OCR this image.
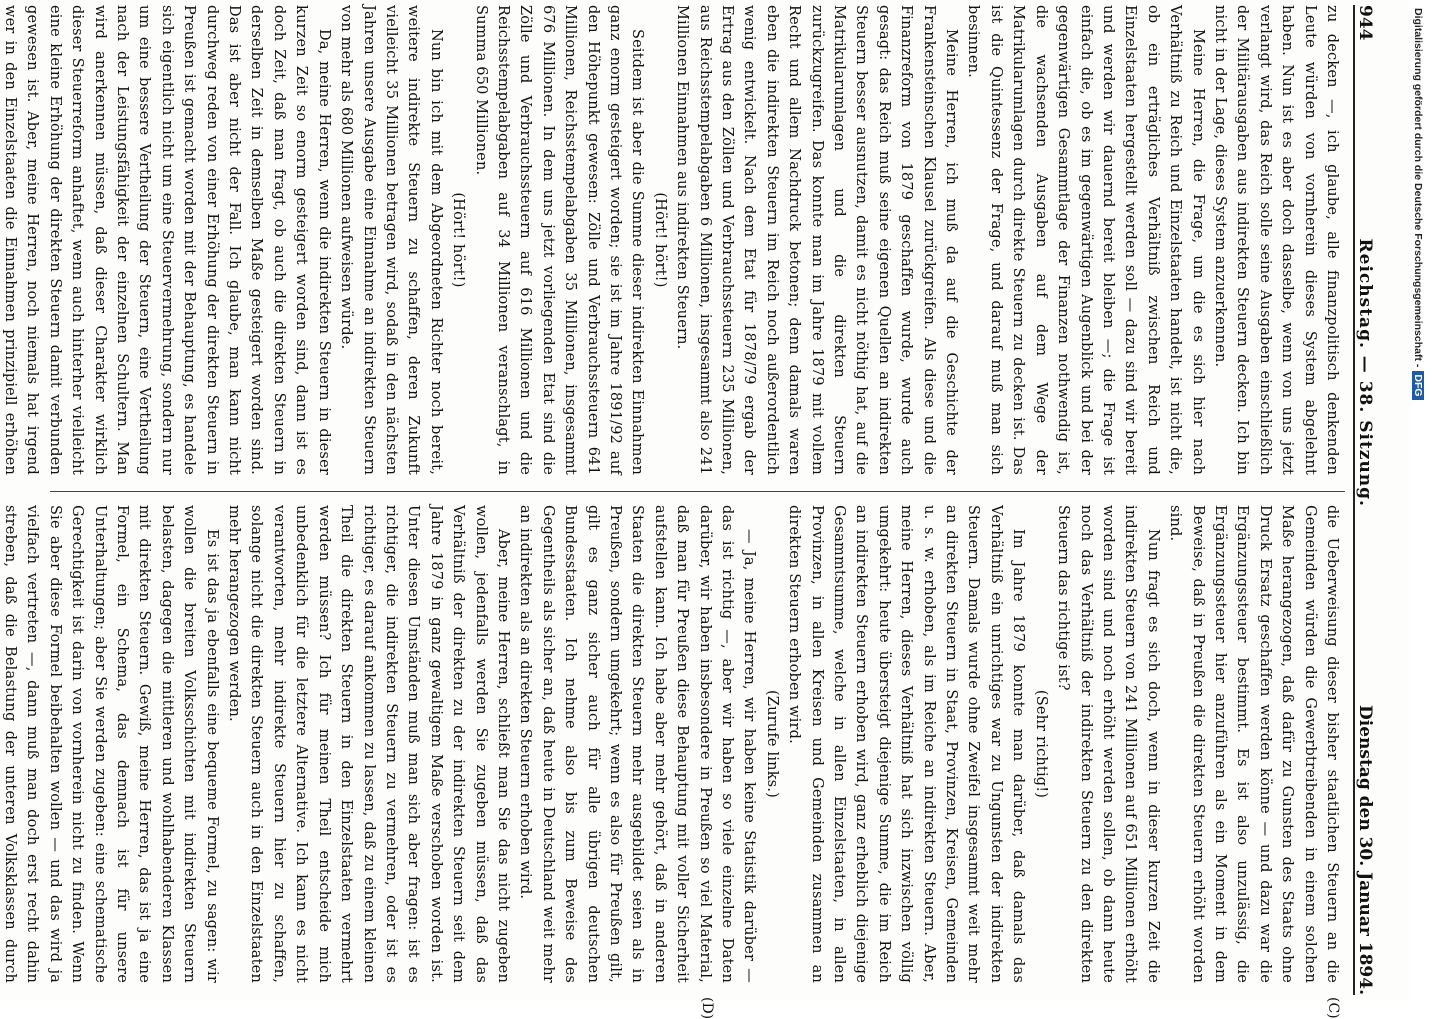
944
Reichstag. — 38. Sitzung.
Dienstag den 30. Januar 1894.

zu decken —, ich glaube, alle finanzpolitisch denkenden Leute würden von vornherein dieses System abgelehnt haben. Nun ist es aber doch dasselbe, wenn von uns jetzt verlangt wird, das Reich solle seine Ausgaben einschließlich der Militärausgaben aus indirekten Steuern decken. Ich bin nicht in der Lage, dieses System anzuerkennen.

Meine Herren, die Frage, um die es sich hier nach Verhältniß zu Reich und Einzelstaaten handelt, ist nicht die, ob ein erträgliches Verhältniß zwischen Reich und Einzelstaaten hergestellt werden soll — dazu sind wir bereit und werden wir dauernd bereit bleiben —; die Frage ist einfach die, ob es im gegenwärtigen Augenblick und bei der gegenwärtigen Gesammtlage der Finanzen nothwendig ist, die wachsenden Ausgaben auf dem Wege der Matrikularumlagen durch direkte Steuern zu decken ist. Das ist die Quintessenz der Frage, und darauf muß man sich besinnen.

Meine Herren, ich muß da auf die Geschichte der Frankensteinschen Klausel zurückgreifen. Als diese und die Finanzreform von 1879 geschaffen wurde, wurde auch gesagt: das Reich muß seine eigenen Quellen an indirekten Steuern besser ausnutzen, damit es nicht nöthig hat, auf die Matrikularumlagen und die direkten Steuern zurückzugreifen. Das konnte man im Jahre 1879 mit vollem Recht und allem Nachdruck betonen; denn damals waren eben die indirekten Steuern im Reich noch außerordentlich wenig entwickelt. Nach dem Etat für 1878/79 ergab der Ertrag aus den Zöllen und Verbrauchssteuern 235 Millionen, aus Reichsstempelabgaben 6 Millionen, insgesammt also 241 Millionen Einnahmen aus indirekten Steuern.

(Hört! hört!)

Seitdem ist aber die Summe dieser indirekten Einnahmen ganz enorm gesteigert worden; sie ist im Jahre 1891/92 auf den Höhepunkt gewesen: Zölle und Verbrauchssteuern 641 Millionen, Reichsstempelabgaben 35 Millionen, insgesammt 676 Millionen. In dem uns jetzt vorliegenden Etat sind die Zölle und Verbrauchssteuern auf 616 Millionen und die Reichsstempelabgaben auf 34 Millionen veranschlagt, in Summa 650 Millionen.

(Hört! hört!)

Nun bin ich mit dem Abgeordneten Richter noch bereit, weitere indirekte Steuern zu schaffen, deren Zukunft vielleicht 35 Millionen betragen wird, sodaß in den nächsten Jahren unsere Ausgabe eine Einnahme an indirekten Steuern von mehr als 680 Millionen aufweisen würde.

Da, meine Herren, wenn die indirekten Steuern in dieser kurzen Zeit so enorm gesteigert worden sind, dann ist es doch Zeit, daß man fragt, ob auch die direkten Steuern in derselben Zeit in demselben Maße gesteigert worden sind. Das ist aber nicht der Fall. Ich glaube, man kann nicht durchweg reden von einer Erhöhung der direkten Steuern in Preußen ist gemacht worden mit der Behauptung, es handele sich eigentlich nicht um eine Steuervermehrung, sondern nur um eine bessere Vertheilung der Steuern, eine Vertheilung nach der Leistungsfähigkeit der einzelnen Schultern. Man wird anerkennen müssen, daß dieser Charakter wirklich dieser Steuerreform anhaftet, wenn auch hinterher vielleicht eine kleine Erhöhung der direkten Steuern damit verbunden gewesen ist. Aber, meine Herren, noch niemals hat irgend wer in den Einzelstaaten die Einnahmen prinzipiell erhöhen

die Ueberweisung dieser bisher staatlichen Steuern an die Gemeinden würden die Gewerbtreibenden in einem solchen Maße herangezogen, daß dafür zu Gunsten des Staats ohne Druck Ersatz geschaffen werden könne — und dazu war die Ergänzungssteuer bestimmt. Es ist also unzulässig, die Ergänzungssteuer hier anzuführen als ein Moment in dem Beweise, daß in Preußen die direkten Steuern erhöht worden sind.

Nun fragt es sich doch, wenn in dieser kurzen Zeit die indirekten Steuern von 241 Millionen auf 651 Millionen erhöht worden sind und noch erhöht werden sollen, ob dann heute noch das Verhältniß der indirekten Steuern zu den direkten Steuern das richtige ist?

(Sehr richtig!)

Im Jahre 1879 konnte man darüber, daß damals das Verhältniß ein unrichtiges war zu Ungunsten der indirekten Steuern. Damals wurde ohne Zweifel insgesammt weit mehr an direkten Steuern in Staat, Provinzen, Kreisen, Gemeinden u. s. w. erhoben, als im Reiche an indirekten Steuern. Aber, meine Herren, dieses Verhältniß hat sich inzwischen völlig umgekehrt: heute übersteigt diejenige Summe, die im Reich an indirekten Steuern erhoben wird, ganz erheblich diejenige Gesammtsumme, welche in allen Einzelstaaten, in allen Provinzen, in allen Kreisen und Gemeinden zusammen an direkten Steuern erhoben wird.

(Zurufe links.)

— Ja, meine Herren, wir haben keine Statistik darüber — das ist richtig —, aber wir haben so viele einzelne Daten darüber, wir haben insbesondere in Preußen so viel Material, daß man für Preußen diese Behauptung mit voller Sicherheit aufstellen kann. Ich habe aber mehr gehört, daß in anderen Staaten die direkten Steuern mehr ausgebildet seien als in Preußen, sondern umgekehrt; wenn es also für Preußen gilt, gilt es ganz sicher auch für alle übrigen deutschen Bundesstaaten. Ich nehme also bis zum Beweise des Gegentheils als sicher an, daß heute in Deutschland weit mehr an indirekten als an direkten Steuern erhoben wird.

Aber, meine Herren, schließt man Sie das nicht zugeben wollen, jedenfalls werden Sie zugeben müssen, daß das Verhältniß der direkten zu der indirekten Steuern seit dem Jahre 1879 in ganz gewaltigem Maße verschoben worden ist. Unter diesen Umständen muß man sich aber fragen: ist es richtiger, die indirekten Steuern zu vermehren, oder ist es richtiger, es darauf ankommen zu lassen, daß zu einem kleinen Theil die direkten Steuern in den Einzelstaaten vermehrt werden müssen? Ich für meinen Theil entscheide mich unbedenklich für die letztere Alternative. Ich kann es nicht verantworten, mehr indirekte Steuern hier zu schaffen, solange nicht die direkten Steuern auch in den Einzelstaaten mehr herangezogen werden.

Es ist das ja ebenfalls eine bequeme Formel, zu sagen: wir wollen die breiten Volksschichten mit indirekten Steuern belasten, dagegen die mittleren und wohlhabenderen Klassen mit direkten Steuern. Gewiß, meine Herren, das ist ja eine Formel, ein Schema, das demnach ist für unsere Unterhaltungen; aber Sie werden zugeben: eine schematische Gerechtigkeit ist darin von vornherein nicht zu finden. Wenn Sie aber diese Formel beibehalten wollen — und das wird ja vielfach vertreten —, dann muß man doch erst recht dahin streben, daß die Belastung der unteren Volksklassen durch

(C)
(D)
Digitalisierung gefördert durch die Deutsche Forschungsgemeinschaft -DFG
